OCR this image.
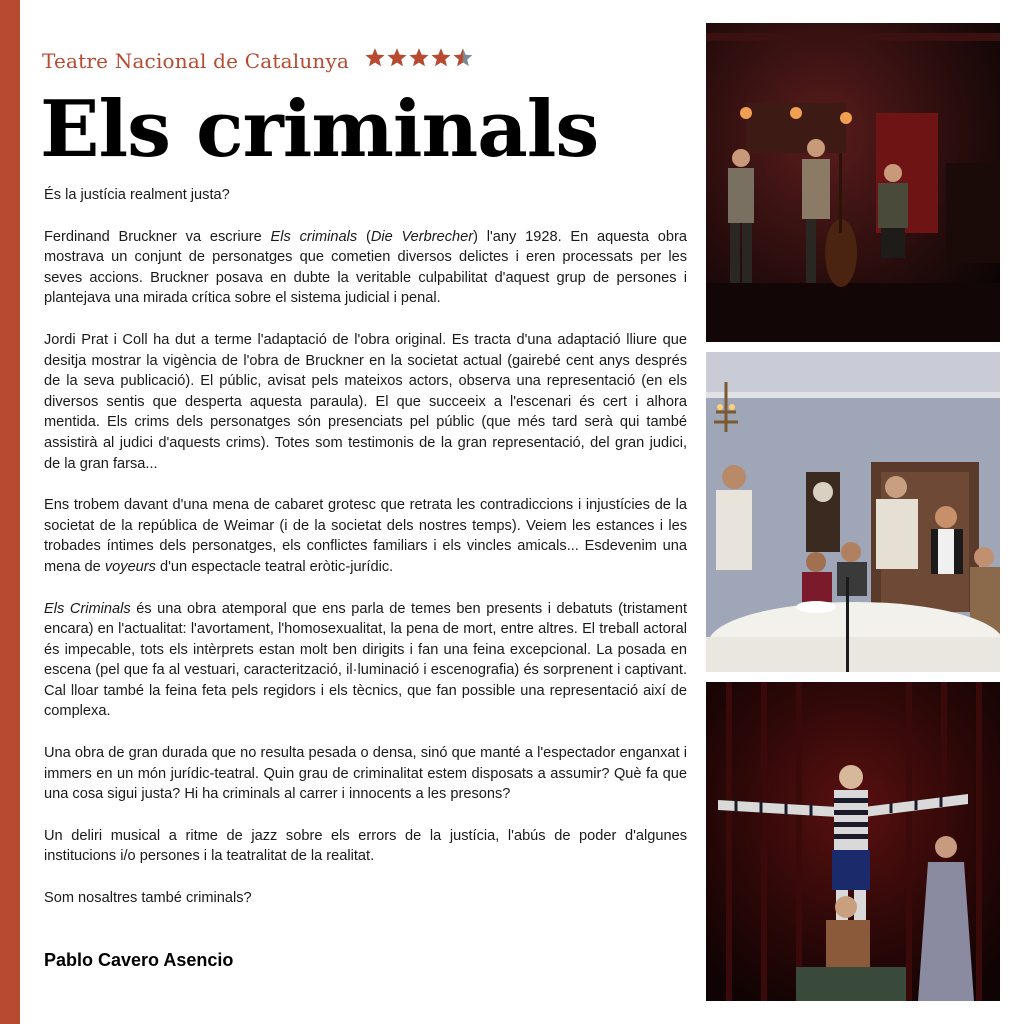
Teatre Nacional de Catalunya
Els criminals

És la justícia realment justa?

Ferdinand Bruckner va escriure Els criminals (Die Verbrecher) l'any 1928. En aquesta obra mostrava un conjunt de personatges que cometien diversos delictes i eren processats per les seves accions. Bruckner posava en dubte la veritable culpabilitat d'aquest grup de persones i plantejava una mirada crítica sobre el sistema judicial i penal.

Jordi Prat i Coll ha dut a terme l'adaptació de l'obra original. Es tracta d'una adaptació lliure que desitja mostrar la vigència de l'obra de Bruckner en la societat actual (gairebé cent anys després de la seva publicació). El públic, avisat pels mateixos actors, observa una representació (en els diversos sentis que desperta aquesta paraula). El que succeeix a l'escenari és cert i alhora mentida. Els crims dels personatges són presenciats pel públic (que més tard serà qui també assistirà al judici d'aquests crims). Totes som testimonis de la gran representació, del gran judici, de la gran farsa...

Ens trobem davant d'una mena de cabaret grotesc que retrata les contradiccions i injustícies de la societat de la república de Weimar (i de la societat dels nostres temps). Veiem les estances i les trobades íntimes dels personatges, els conflictes familiars i els vincles amicals... Esdevenim una mena de voyeurs d'un espectacle teatral eròtic-jurídic.

Els Criminals és una obra atemporal que ens parla de temes ben presents i debatuts (tristament encara) en l'actualitat: l'avortament, l'homosexualitat, la pena de mort, entre altres. El treball actoral és impecable, tots els intèrprets estan molt ben dirigits i fan una feina excepcional. La posada en escena (pel que fa al vestuari, caracterització, il·luminació i escenografia) és sorprenent i captivant. Cal lloar també la feina feta pels regidors i els tècnics, que fan possible una representació així de complexa.

Una obra de gran durada que no resulta pesada o densa, sinó que manté a l'espectador enganxat i immers en un món jurídic-teatral. Quin grau de criminalitat estem disposats a assumir? Què fa que una cosa sigui justa? Hi ha criminals al carrer i innocents a les presons?

Un deliri musical a ritme de jazz sobre els errors de la justícia, l'abús de poder d'algunes institucions i/o persones i la teatralitat de la realitat.

Som nosaltres també criminals?

Pablo Cavero Asencio
